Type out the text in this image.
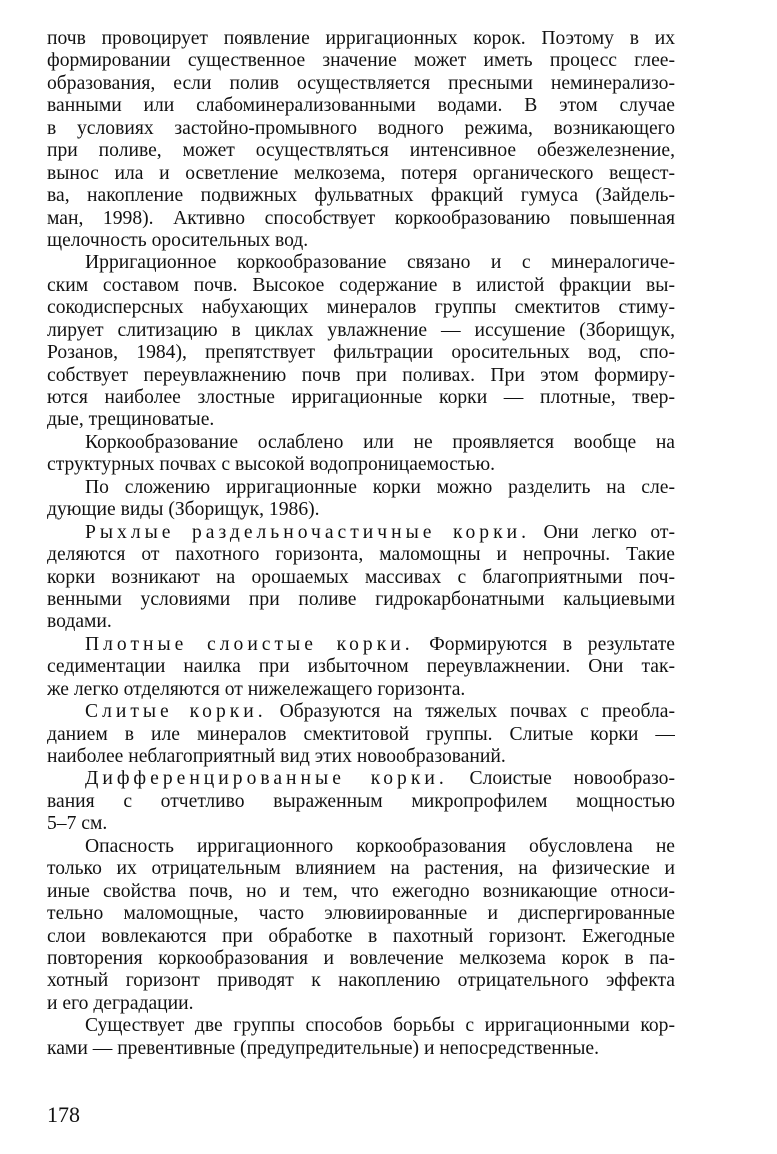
почв провоцирует появление ирригационных корок. Поэтому в их
формировании существенное значение может иметь процесс глее-
образования, если полив осуществляется пресными неминерализо-
ванными или слабоминерализованными водами. В этом случае
в условиях застойно-промывного водного режима, возникающего
при поливе, может осуществляться интенсивное обезжелезнение,
вынос ила и осветление мелкозема, потеря органического вещест-
ва, накопление подвижных фульватных фракций гумуса (Зайдель-
ман, 1998). Активно способствует коркообразованию повышенная
щелочность оросительных вод.
Ирригационное коркообразование связано и с минералогиче-
ским составом почв. Высокое содержание в илистой фракции вы-
сокодисперсных набухающих минералов группы смектитов стиму-
лирует слитизацию в циклах увлажнение — иссушение (Зборищук,
Розанов, 1984), препятствует фильтрации оросительных вод, спо-
собствует переувлажнению почв при поливах. При этом формиру-
ются наиболее злостные ирригационные корки — плотные, твер-
дые, трещиноватые.
Коркообразование ослаблено или не проявляется вообще на
структурных почвах с высокой водопроницаемостью.
По сложению ирригационные корки можно разделить на сле-
дующие виды (Зборищук, 1986).
Рыхлые раздельночастичные корки. Они легко от-
деляются от пахотного горизонта, маломощны и непрочны. Такие
корки возникают на орошаемых массивах с благоприятными поч-
венными условиями при поливе гидрокарбонатными кальциевыми
водами.
Плотные слоистые корки. Формируются в результате
седиментации наилка при избыточном переувлажнении. Они так-
же легко отделяются от нижележащего горизонта.
Слитые корки. Образуются на тяжелых почвах с преобла-
данием в иле минералов смектитовой группы. Слитые корки —
наиболее неблагоприятный вид этих новообразований.
Дифференцированные корки. Слоистые новообразо-
вания с отчетливо выраженным микропрофилем мощностью
5–7 см.
Опасность ирригационного коркообразования обусловлена не
только их отрицательным влиянием на растения, на физические и
иные свойства почв, но и тем, что ежегодно возникающие относи-
тельно маломощные, часто элювиированные и диспергированные
слои вовлекаются при обработке в пахотный горизонт. Ежегодные
повторения коркообразования и вовлечение мелкозема корок в па-
хотный горизонт приводят к накоплению отрицательного эффекта
и его деградации.
Существует две группы способов борьбы с ирригационными кор-
ками — превентивные (предупредительные) и непосредственные.
178
